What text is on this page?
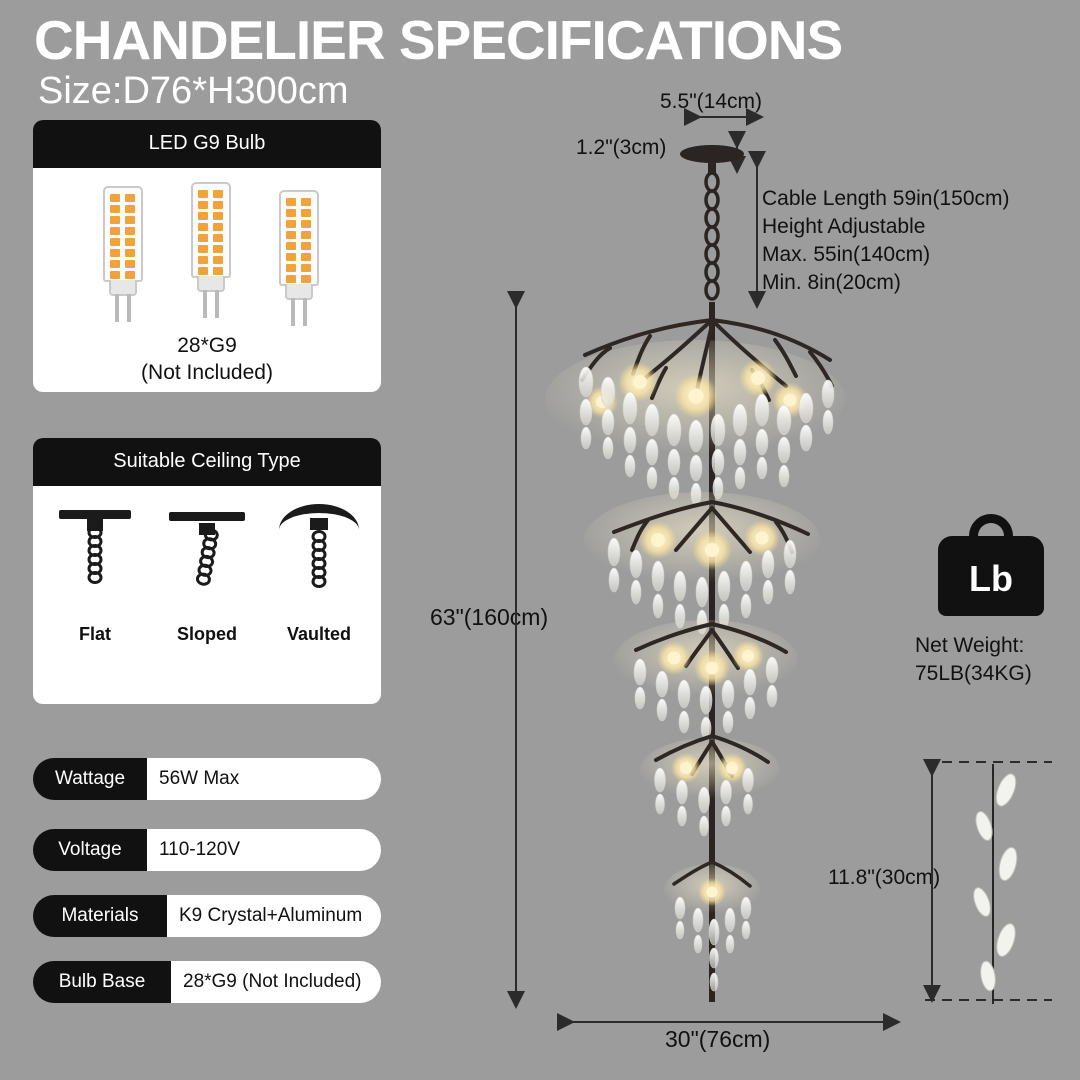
CHANDELIER SPECIFICATIONS
Size:D76*H300cm
LED G9 Bulb
28*G9
(Not Included)
Suitable Ceiling Type
Flat	Sloped	Vaulted
Wattage	56W Max
Voltage	110-120V
Materials	K9 Crystal+Aluminum
Bulb Base	28*G9 (Not Included)
5.5"(14cm)
1.2"(3cm)
Cable Length 59in(150cm)
Height Adjustable
Max. 55in(140cm)
Min. 8in(20cm)
63"(160cm)
30"(76cm)
11.8"(30cm)
Net Weight:
75LB(34KG)
Lb
